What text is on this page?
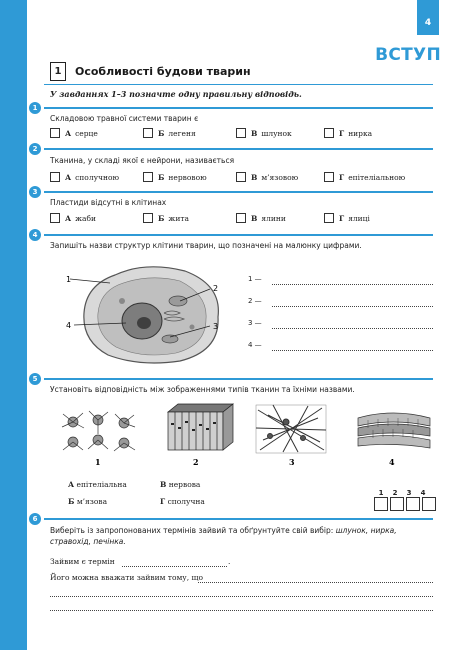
4
ВСТУП
1	Особливості будови тварин
У завданнях 1–3 позначте одну правильну відповідь.
1
Складовою травної системи тварин є
А серце	Б легеня	В шлунок	Г нирка
2
Тканина, у складі якої є нейрони, називається
А сполучною	Б нервовою	В м’язовою	Г епітеліальною
3
Пластиди відсутні в клітинах
А жаби	Б жита	В ялини	Г ялиці
4
Запишіть назви структур клітини тварин, що позначені на малюнку цифрами.
1
2
3
4
1 —
2 —
3 —
4 —
5
Установіть відповідність між зображеннями типів тканин та їхніми назвами.
1	2	3	4
А епітеліальна	В нервова
Б м’язова	Г сполучна
1	2	3	4
6
Виберіть із запропонованих термінів зайвий та обґрунтуйте свій вибір: шлунок, нирка, стравохід, печінка.
Зайвим є термін	.
Його можна вважати зайвим тому, що
